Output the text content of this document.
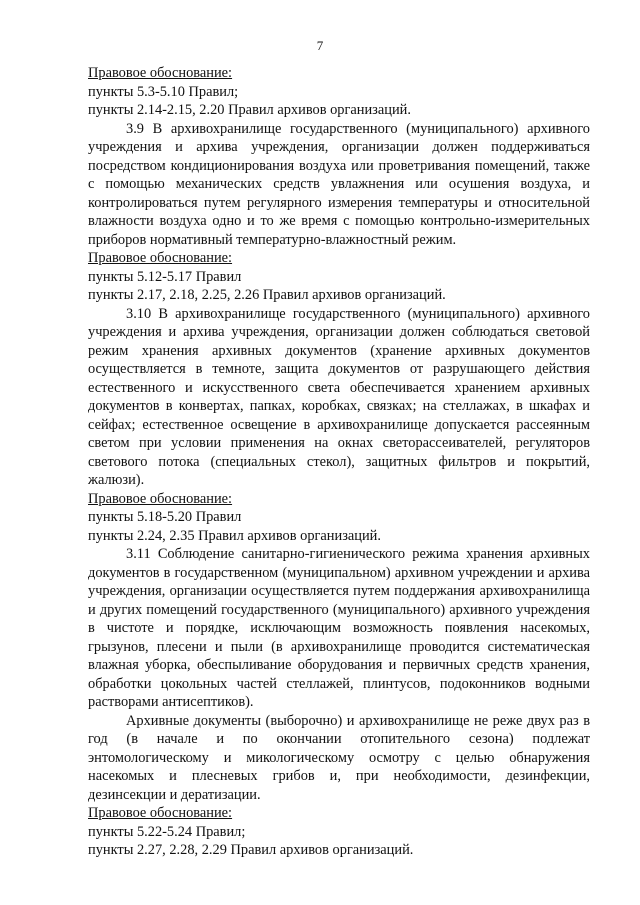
7

Правовое обоснование:

пункты 5.3-5.10 Правил;

пункты 2.14-2.15, 2.20 Правил архивов организаций.

3.9 В архивохранилище государственного (муниципального) архивного учреждения и архива учреждения, организации должен поддерживаться посредством кондиционирования воздуха или проветривания помещений, также с помощью механических средств увлажнения или осушения воздуха, и контролироваться путем регулярного измерения температуры и относительной влажности воздуха одно и то же время с помощью контрольно-измерительных приборов нормативный температурно-влажностный режим.

Правовое обоснование:

пункты 5.12-5.17 Правил

пункты 2.17, 2.18, 2.25, 2.26 Правил архивов организаций.

3.10 В архивохранилище государственного (муниципального) архивного учреждения и архива учреждения, организации должен соблюдаться световой режим хранения архивных документов (хранение архивных документов осуществляется в темноте, защита документов от разрушающего действия естественного и искусственного света обеспечивается хранением архивных документов в конвертах, папках, коробках, связках; на стеллажах, в шкафах и сейфах; естественное освещение в архивохранилище допускается рассеянным светом при условии применения на окнах светорассеивателей, регуляторов светового потока (специальных стекол), защитных фильтров и покрытий, жалюзи).

Правовое обоснование:

пункты 5.18-5.20 Правил

пункты 2.24, 2.35 Правил архивов организаций.

3.11 Соблюдение санитарно-гигиенического режима хранения архивных документов в государственном (муниципальном) архивном учреждении и архива учреждения, организации осуществляется путем поддержания архивохранилища и других помещений государственного (муниципального) архивного учреждения в чистоте и порядке, исключающим возможность появления насекомых, грызунов, плесени и пыли (в архивохранилище проводится систематическая влажная уборка, обеспыливание оборудования и первичных средств хранения, обработки цокольных частей стеллажей, плинтусов, подоконников водными растворами антисептиков).

Архивные документы (выборочно) и архивохранилище не реже двух раз в год (в начале и по окончании отопительного сезона) подлежат энтомологическому и микологическому осмотру с целью обнаружения насекомых и плесневых грибов и, при необходимости, дезинфекции, дезинсекции и дератизации.

Правовое обоснование:

пункты 5.22-5.24 Правил;

пункты 2.27, 2.28, 2.29 Правил архивов организаций.
